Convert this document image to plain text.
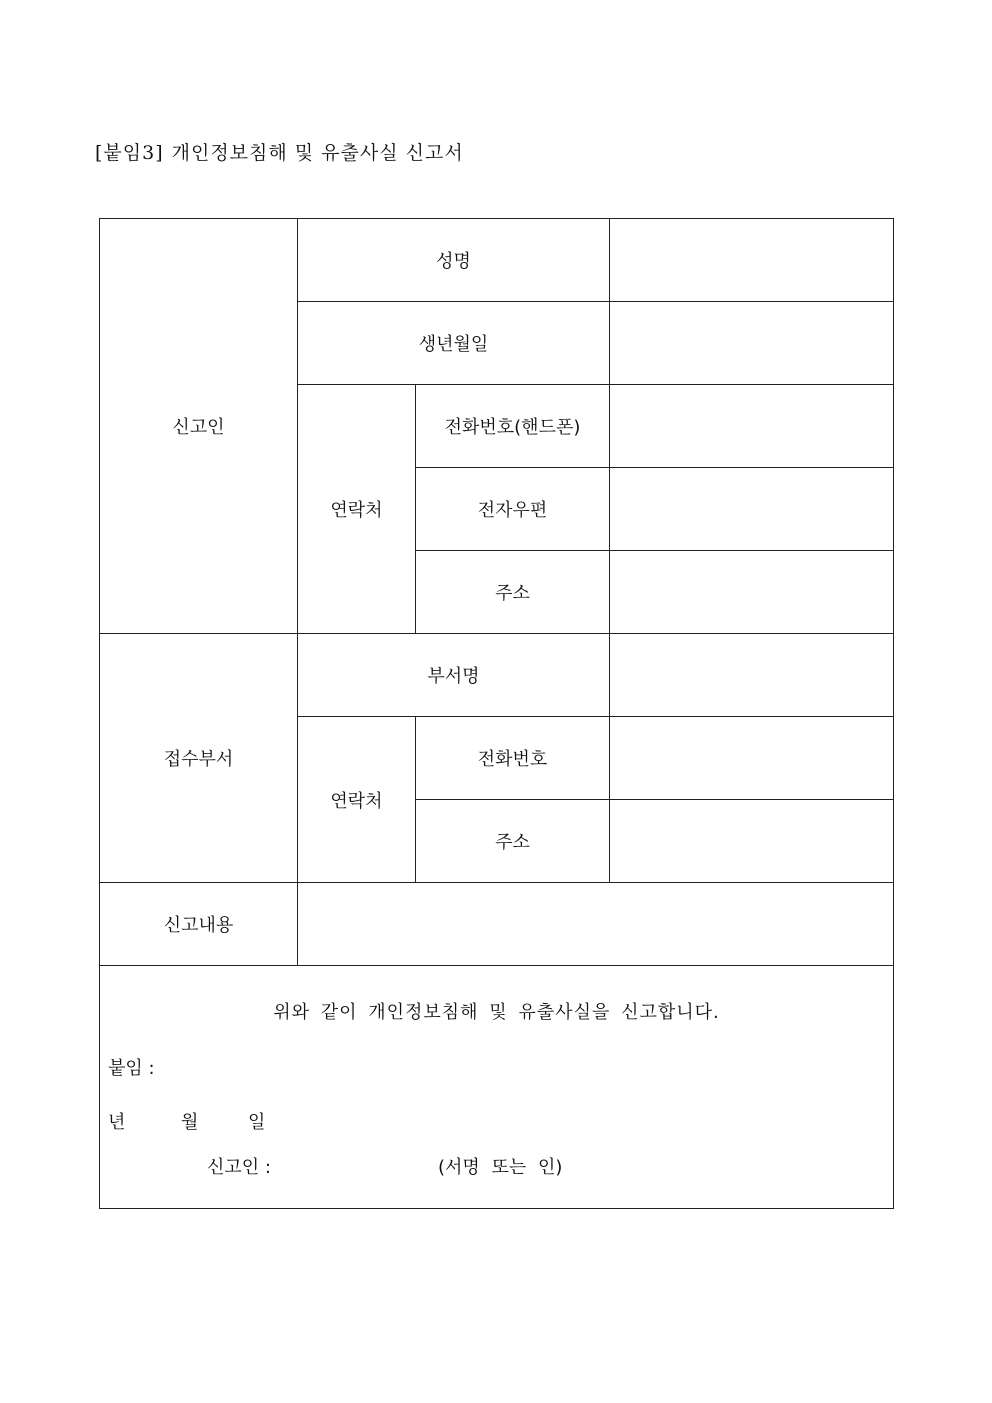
[붙임3] 개인정보침해 및 유출사실 신고서
신고인	성명		
	생년월일		
	연락처	전화번호(핸드폰)	
		전자우편	
		주소	
접수부서	부서명		
	연락처	전화번호	
		주소	
신고내용			

위와 같이 개인정보침해 및 유출사실을 신고합니다.
붙임 :
년 월 일
신고인 : (서명 또는 인)			
